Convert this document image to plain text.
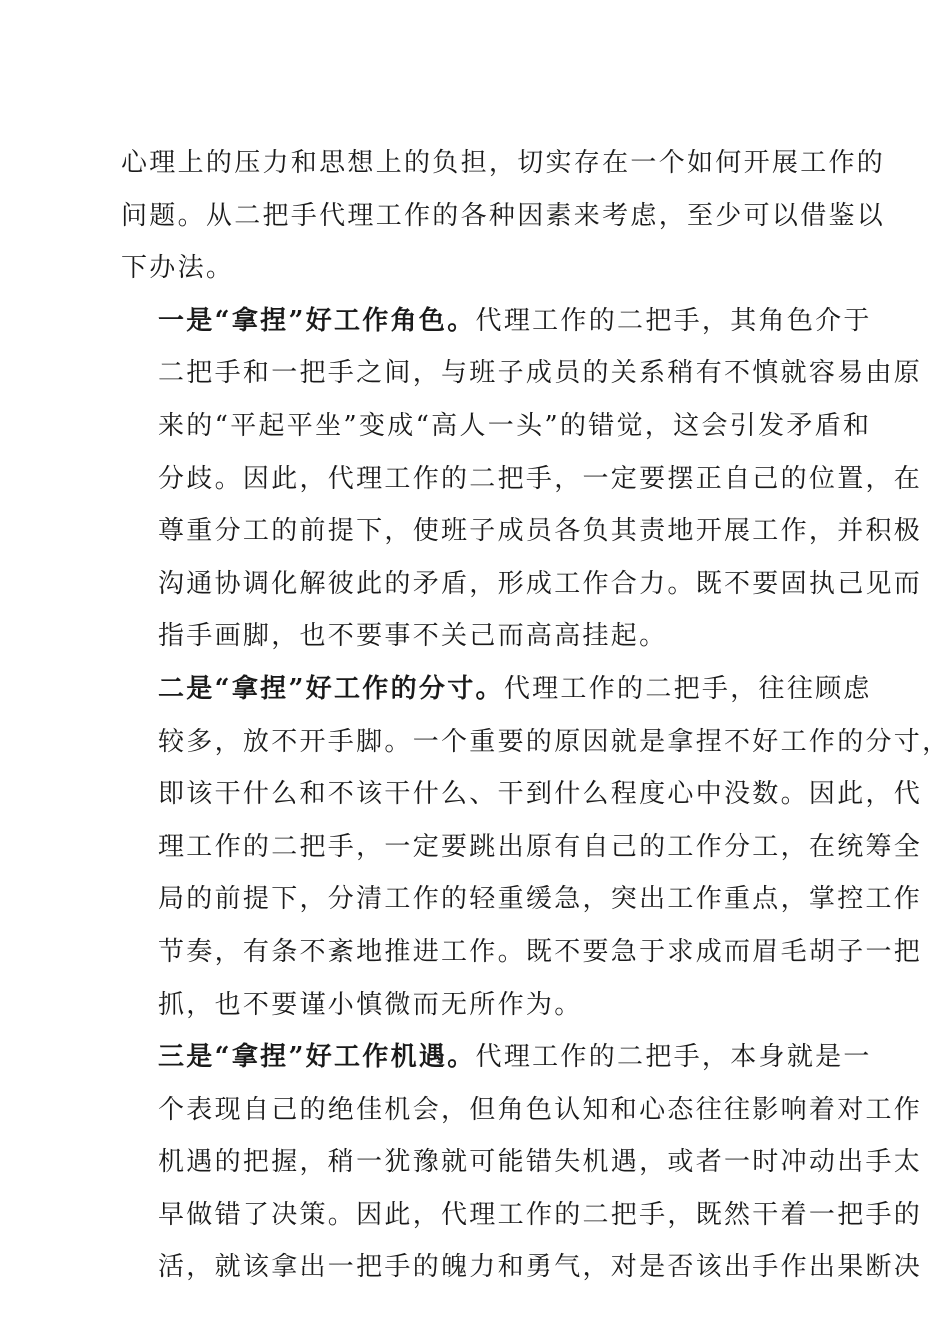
心理上的压力和思想上的负担，切实存在一个如何开展工作的
问题。从二把手代理工作的各种因素来考虑，至少可以借鉴以
下办法。

一是“拿捏”好工作角色。代理工作的二把手，其角色介于
二把手和一把手之间，与班子成员的关系稍有不慎就容易由原
来的“平起平坐”变成“高人一头”的错觉，这会引发矛盾和
分歧。因此，代理工作的二把手，一定要摆正自己的位置，在
尊重分工的前提下，使班子成员各负其责地开展工作，并积极
沟通协调化解彼此的矛盾，形成工作合力。既不要固执己见而
指手画脚，也不要事不关己而高高挂起。

二是“拿捏”好工作的分寸。代理工作的二把手，往往顾虑
较多，放不开手脚。一个重要的原因就是拿捏不好工作的分寸，
即该干什么和不该干什么、干到什么程度心中没数。因此，代
理工作的二把手，一定要跳出原有自己的工作分工，在统筹全
局的前提下，分清工作的轻重缓急，突出工作重点，掌控工作
节奏，有条不紊地推进工作。既不要急于求成而眉毛胡子一把
抓，也不要谨小慎微而无所作为。

三是“拿捏”好工作机遇。代理工作的二把手，本身就是一
个表现自己的绝佳机会，但角色认知和心态往往影响着对工作
机遇的把握，稍一犹豫就可能错失机遇，或者一时冲动出手太
早做错了决策。因此，代理工作的二把手，既然干着一把手的
活，就该拿出一把手的魄力和勇气，对是否该出手作出果断决
